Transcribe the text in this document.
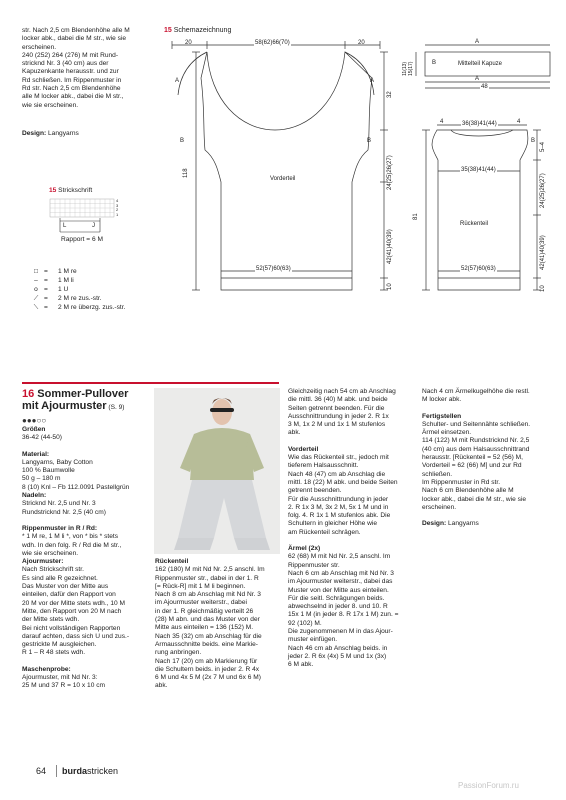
str. Nach 2,5 cm Blendenhöhe alle M
locker abk., dabei die M str., wie sie
erscheinen.
240 (252) 264 (276) M mit Rund-
stricknd Nr. 3 (40 cm) aus der
Kapuzenkante herausstr. und zur
Rd schließen. Im Rippenmuster in
Rd str. Nach 2,5 cm Blendenhöhe
alle M locker abk., dabei die M str.,
wie sie erscheinen.
Design: Langyarns
15 Schemazeichnung
20	58(62)66(70)	20
A	A
B	B
Vorderteil
52(57)60(63)
118
32
24(25)26(27)
42(41)40(39)
10
A
B	Mittelteil Kapuze
A
48
11(13)
15(17)
4	36(38)41(44)	4
B
35(38)41(44)
Rückenteil
52(57)60(63)
81
5–4
24(25)26(27)
42(41)40(39)
10
15 Strickschrift
4
3
2
1
L	J
Rapport = 6 M
□ =	1 M re
– =	1 M li
o =	1 U
⟋ =	2 M re zus.-str.
⟍ =	2 M re überzg. zus.-str.
16 Sommer-Pullover
mit Ajourmuster (S. 9)
●●●○○
Größen
36-42 (44-50)
Material:
Langyarns, Baby Cotton
100 % Baumwolle
50 g – 180 m
8 (10) Knl – Fb 112.0091 Pastellgrün
Nadeln:
Stricknd Nr. 2,5 und Nr. 3
Rundstricknd Nr. 2,5 (40 cm)
Rippenmuster in R / Rd:
* 1 M re, 1 M li *, von * bis * stets
wdh. In den folg. R / Rd die M str.,
wie sie erscheinen.
Ajourmuster:
Nach Strickschrift str.
Es sind alle R gezeichnet.
Das Muster von der Mitte aus
einteilen, dafür den Rapport von
20 M vor der Mitte stets wdh., 10 M
Mitte, den Rapport von 20 M nach
der Mitte stets wdh.
Bei nicht vollständigen Rapporten
darauf achten, dass sich U und zus.-
gestrickte M ausgleichen.
R 1 – R 48 stets wdh.
Maschenprobe:
Ajourmuster, mit Nd Nr. 3:
25 M und 37 R = 10 x 10 cm
Rückenteil
162 (180) M mit Nd Nr. 2,5 anschl. Im
Rippenmuster str., dabei in der 1. R
[= Rück-R] mit 1 M li beginnen.
Nach 8 cm ab Anschlag mit Nd Nr. 3
im Ajourmuster weiterstr., dabei
in der 1. R gleichmäßig verteilt 26
(28) M abn. und das Muster von der
Mitte aus einteilen = 136 (152) M.
Nach 35 (32) cm ab Anschlag für die
Armausschnitte beids. eine Markie-
rung anbringen.
Nach 17 (20) cm ab Markierung für
die Schultern beids. in jeder 2. R 4x
6 M und 4x 5 M (2x 7 M und 6x 6 M)
abk.
Gleichzeitig nach 54 cm ab Anschlag
die mittl. 36 (40) M abk. und beide
Seiten getrennt beenden. Für die
Ausschnittrundung in jeder 2. R 1x
3 M, 1x 2 M und 1x 1 M stufenlos
abk.
Vorderteil
Wie das Rückenteil str., jedoch mit
tieferem Halsausschnitt.
Nach 48 (47) cm ab Anschlag die
mittl. 18 (22) M abk. und beide Seiten
getrennt beenden.
Für die Ausschnittrundung in jeder
2. R 1x 3 M, 3x 2 M, 5x 1 M und in
folg. 4. R 1x 1 M stufenlos abk. Die
Schultern in gleicher Höhe wie
am Rückenteil schrägen.
Ärmel (2x)
62 (68) M mit Nd Nr. 2,5 anschl. Im
Rippenmuster str.
Nach 6 cm ab Anschlag mit Nd Nr. 3
im Ajourmuster weiterstr., dabei das
Muster von der Mitte aus einteilen.
Für die seitl. Schrägungen beids.
abwechselnd in jeder 8. und 10. R
15x 1 M (in jeder 8. R 17x 1 M) zun. =
92 (102) M.
Die zugenommenen M in das Ajour-
muster einfügen.
Nach 46 cm ab Anschlag beids. in
jeder 2. R 6x (4x) 5 M und 1x (3x)
6 M abk.
Nach 4 cm Ärmelkugelhöhe die restl.
M locker abk.
Fertigstellen
Schulter- und Seitennähte schließen.
Ärmel einsetzen.
114 (122) M mit Rundstricknd Nr. 2,5
(40 cm) aus dem Halsausschnittrand
herausstr. [Rückenteil = 52 (56) M,
Vorderteil = 62 (66) M] und zur Rd
schließen.
Im Rippenmuster in Rd str.
Nach 6 cm Blendenhöhe alle M
locker abk., dabei die M str., wie sie
erscheinen.
Design: Langyarns
64 burdastricken
PassionForum.ru
